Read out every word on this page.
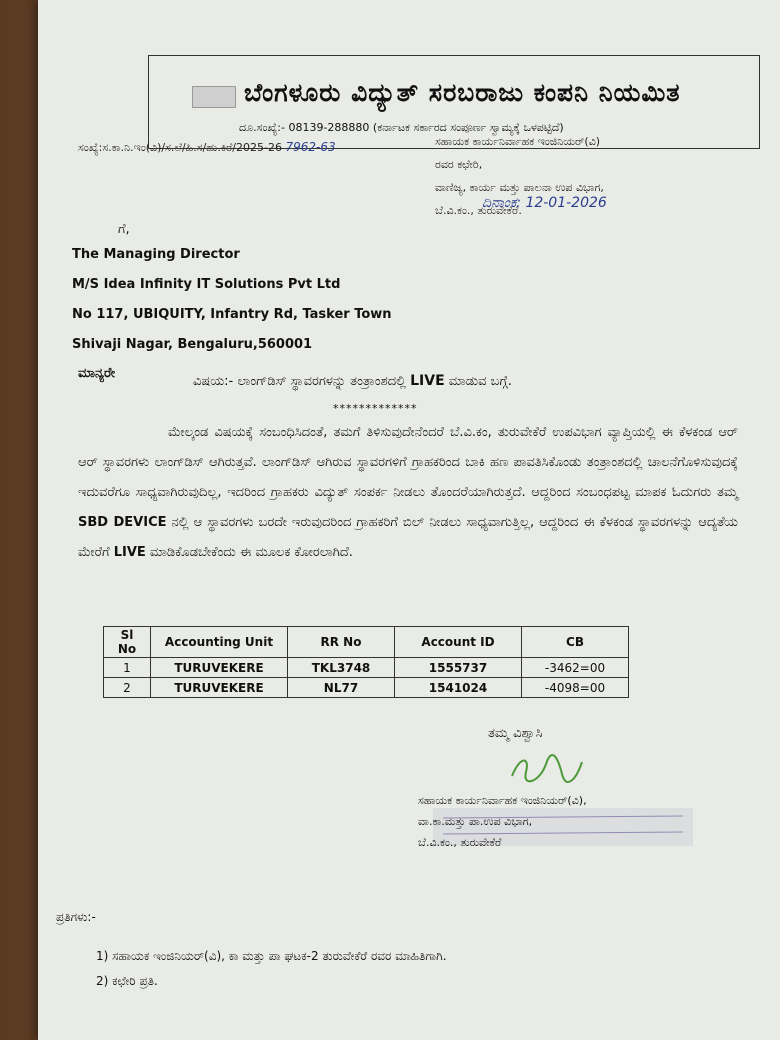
ಬೆಂಗಳೂರು ವಿದ್ಯುತ್ ಸರಬರಾಜು ಕಂಪನಿ ನಿಯಮಿತ
ದೂ.ಸಂಖ್ಯೆ:- 08139-288880 (ಕರ್ನಾಟಕ ಸರ್ಕಾರದ ಸಂಪೂರ್ಣ ಸ್ವಾಮ್ಯಕ್ಕೆ ಒಳಪಟ್ಟಿದೆ)
ಸಂಖ್ಯೆ:ಸ.ಕಾ.ನಿ.ಇಂ(ವಿ)/ಸ.ಲೆ/ಹಿ.ಸ/ಹು.ಕಿರೆ/2025-26 7962-63	ಸಹಾಯಕ ಕಾರ್ಯನಿರ್ವಾಹಕ ಇಂಜಿನಿಯರ್(ವಿ)
ರವರ ಕಛೇರಿ,
ವಾಣಿಜ್ಯ, ಕಾರ್ಯ ಮತ್ತು ಪಾಲನಾ ಉಪ ವಿಭಾಗ,
ಬೆ.ವಿ.ಕಂ., ತುರುವೇಕೆರೆ.
ದಿನಾಂಕ: 12-01-2026
ಗೆ,
The Managing Director
M/S Idea Infinity IT Solutions Pvt Ltd
No 117, UBIQUITY, Infantry Rd, Tasker Town
Shivaji Nagar, Bengaluru,560001
ಮಾನ್ಯರೇ
ವಿಷಯ:- ಲಾಂಗ್‌ಡಿಸ್ ಸ್ಥಾವರಗಳನ್ನು ತಂತ್ರಾಂಶದಲ್ಲಿ LIVE ಮಾಡುವ ಬಗ್ಗೆ.
*************
ಮೇಲ್ಕಂಡ ವಿಷಯಕ್ಕೆ ಸಂಬಂಧಿಸಿದಂತೆ, ತಮಗೆ ತಿಳಿಸುವುದೇನೆಂದರೆ ಬೆ.ವಿ.ಕಂ, ತುರುವೇಕೆರೆ ಉಪವಿಭಾಗ ವ್ಯಾಪ್ತಿಯಲ್ಲಿ ಈ ಕೆಳಕಂಡ ಆರ್ ಆರ್ ಸ್ಥಾವರಗಳು ಲಾಂಗ್‌ಡಿಸ್ ಆಗಿರುತ್ತವೆ. ಲಾಂಗ್‌ಡಿಸ್ ಆಗಿರುವ ಸ್ಥಾವರಗಳಿಗೆ ಗ್ರಾಹಕರಿಂದ ಬಾಕಿ ಹಣ ಪಾವತಿಸಿಕೊಂಡು ತಂತ್ರಾಂಶದಲ್ಲಿ ಚಾಲನೆಗೊಳಿಸುವುದಕ್ಕೆ ಇದುವರೆಗೂ ಸಾಧ್ಯವಾಗಿರುವುದಿಲ್ಲ, ಇದರಿಂದ ಗ್ರಾಹಕರು ವಿದ್ಯುತ್ ಸಂಪರ್ಕ ನೀಡಲು ತೊಂದರೆಯಾಗಿರುತ್ತದೆ. ಆದ್ದರಿಂದ ಸಂಬಂಧಪಟ್ಟ ಮಾಪಕ ಓದುಗರು ತಮ್ಮ SBD DEVICE ನಲ್ಲಿ ಆ ಸ್ಥಾವರಗಳು ಬರದೇ ಇರುವುದರಿಂದ ಗ್ರಾಹಕರಿಗೆ ಬಿಲ್ ನೀಡಲು ಸಾಧ್ಯವಾಗುತ್ತಿಲ್ಲ, ಆದ್ದರಿಂದ ಈ ಕೆಳಕಂಡ ಸ್ಥಾವರಗಳನ್ನು ಆದ್ಯತೆಯ ಮೇರೆಗೆ LIVE ಮಾಡಿಕೊಡಬೇಕೆಂದು ಈ ಮೂಲಕ ಕೋರಲಾಗಿದೆ.
Sl No	Accounting Unit	RR No	Account ID	CB
1	TURUVEKERE	TKL3748	1555737	-3462=00
2	TURUVEKERE	NL77	1541024	-4098=00
ತಮ್ಮ ವಿಶ್ವಾಸಿ
ಸಹಾಯಕ ಕಾರ್ಯನಿರ್ವಾಹಕ ಇಂಜಿನಿಯರ್(ವಿ),
ವಾ.ಕಾ.ಮತ್ತು ಪಾ.ಉಪ ವಿಭಾಗ,
ಬೆ.ವಿ.ಕಂ., ತುರುವೇಕೆರೆ
ಪ್ರತಿಗಳು:-
1) ಸಹಾಯಕ ಇಂಜಿನಿಯರ್(ವಿ), ಕಾ ಮತ್ತು ಪಾ ಘಟಕ-2 ತುರುವೇಕೆರೆ ರವರ ಮಾಹಿತಿಗಾಗಿ.
2) ಕಛೇರಿ ಪ್ರತಿ.
